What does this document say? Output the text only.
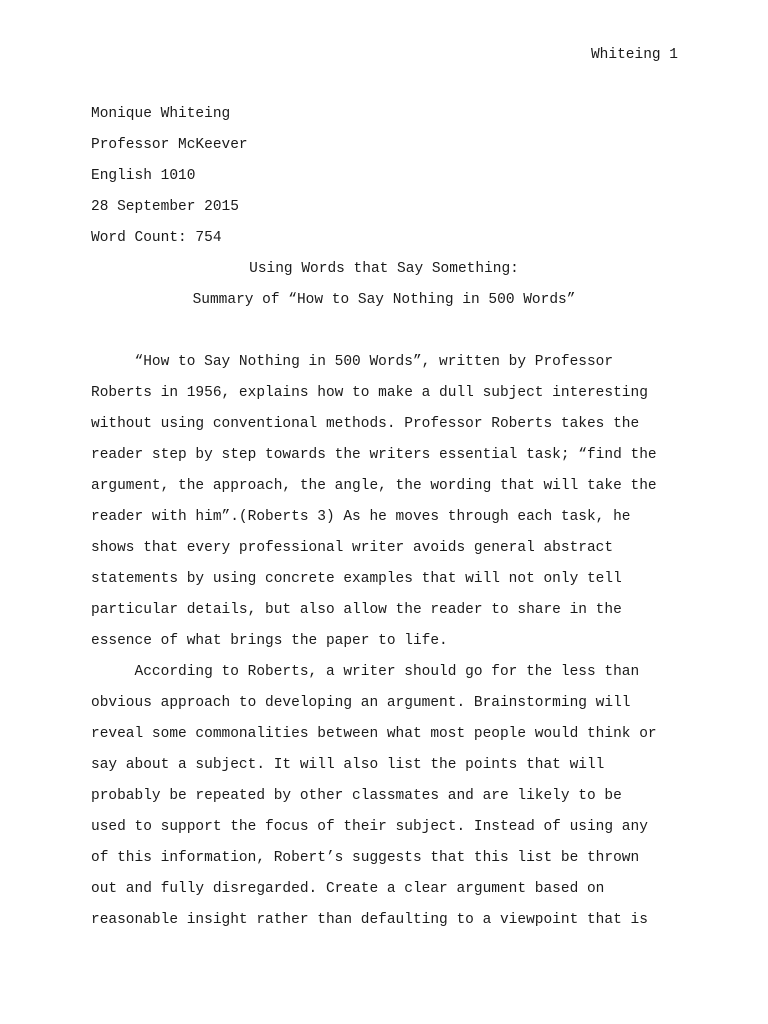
Whiteing 1
Monique Whiteing
Professor McKeever
English 1010
28 September 2015
Word Count: 754
Using Words that Say Something:
Summary of “How to Say Nothing in 500 Words”
“How to Say Nothing in 500 Words”, written by Professor
Roberts in 1956, explains how to make a dull subject interesting
without using conventional methods. Professor Roberts takes the
reader step by step towards the writers essential task; “find the
argument, the approach, the angle, the wording that will take the
reader with him”.(Roberts 3) As he moves through each task, he
shows that every professional writer avoids general abstract
statements by using concrete examples that will not only tell
particular details, but also allow the reader to share in the
essence of what brings the paper to life.
According to Roberts, a writer should go for the less than
obvious approach to developing an argument. Brainstorming will
reveal some commonalities between what most people would think or
say about a subject. It will also list the points that will
probably be repeated by other classmates and are likely to be
used to support the focus of their subject. Instead of using any
of this information, Robert’s suggests that this list be thrown
out and fully disregarded. Create a clear argument based on
reasonable insight rather than defaulting to a viewpoint that is
